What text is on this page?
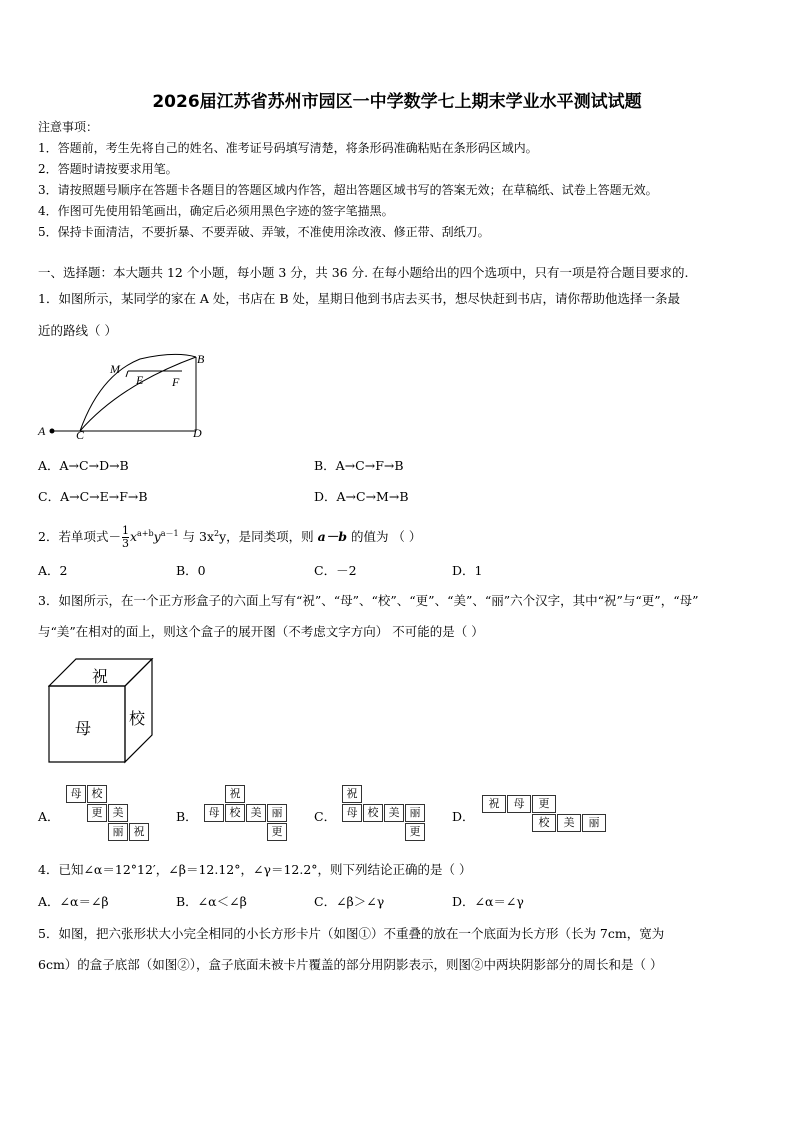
2026届江苏省苏州市园区一中学数学七上期末学业水平测试试题
注意事项：
1．答题前，考生先将自己的姓名、准考证号码填写清楚，将条形码准确粘贴在条形码区域内。
2．答题时请按要求用笔。
3．请按照题号顺序在答题卡各题目的答题区域内作答，超出答题区域书写的答案无效；在草稿纸、试卷上答题无效。
4．作图可先使用铅笔画出，确定后必须用黑色字迹的签字笔描黑。
5．保持卡面清洁，不要折暴、不要弄破、弄皱，不准使用涂改液、修正带、刮纸刀。
一、选择题：本大题共 12 个小题，每小题 3 分，共 36 分. 在每小题给出的四个选项中，只有一项是符合题目要求的.
1．如图所示，某同学的家在 A 处，书店在 B 处，星期日他到书店去买书，想尽快赶到书店，请你帮助他选择一条最
近的路线（ ）
A	C	D
B
M
E F
A．A→C→D→B	B．A→C→F→B
C．A→C→E→F→B	D．A→C→M→B
2．若单项式－ $\frac{1}{3} x^{a+b}y^{a-1}$ 与 $3x^2y$，是同类项，则 a－b 的值为 （ ）
A．2	B．0	C．－2	D．1
3．如图所示，在一个正方形盒子的六面上写有“祝”、“母”、“校”、“更”、“美”、“丽”六个汉字，其中“祝”与“更”，“母”
与“美”在相对的面上，则这个盒子的展开图（不考虑文字方向） 不可能的是（ ）
祝
母
校
A．
母 校
更 美
丽 祝
B．
祝
母 校 美 丽
更
C．
祝
母 校 美 丽
更
D．
祝	母	更
校	美	丽
4．已知∠α＝12°12′，∠β＝12.12°，∠γ＝12.2°，则下列结论正确的是（ ）
A．∠α＝∠β	B．∠α＜∠β	C．∠β＞∠γ	D．∠α＝∠γ
5．如图，把六张形状大小完全相同的小长方形卡片（如图①）不重叠的放在一个底面为长方形（长为 7cm，宽为
6cm）的盒子底部（如图②），盒子底面未被卡片覆盖的部分用阴影表示，则图②中两块阴影部分的周长和是（ ）
